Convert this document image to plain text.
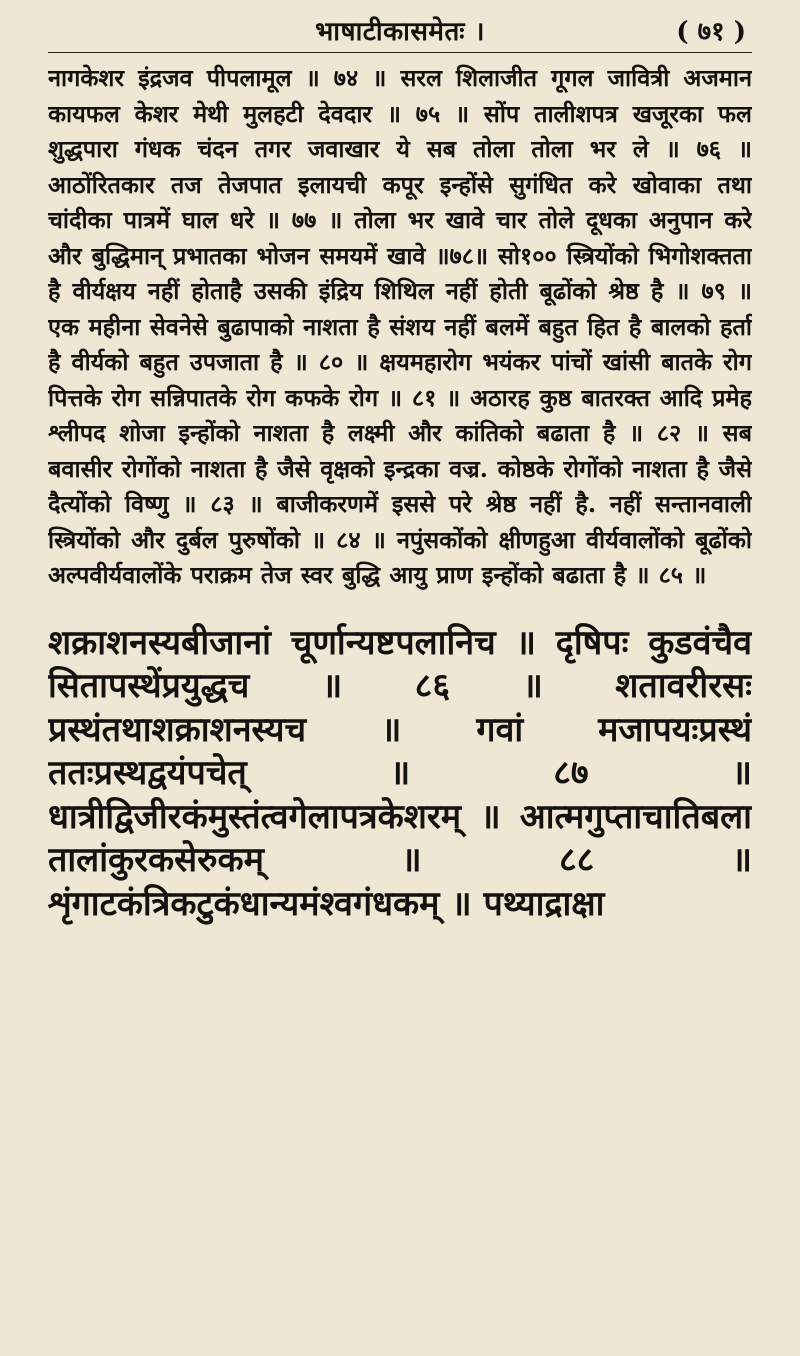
भाषाटीकासमेतः ।	( ७१ )

नागकेशर इंद्रजव पीपलामूल ॥ ७४ ॥ सरल शिलाजीत गूगल जावित्री अजमान कायफल केशर मेथी मुलहटी देवदार ॥ ७५ ॥ सोंप तालीशपत्र खजूरका फल शुद्धपारा गंधक चंदन तगर जवाखार ये सब तोला तोला भर ले ॥ ७६ ॥ आठोंरितकार तज तेजपात इलायची कपूर इन्होंसे सुगंधित करे खोवाका तथा चांदीका पात्रमें घाल धरे ॥ ७७ ॥ तोला भर खावे चार तोले दूधका अनुपान करे और बुद्धिमान् प्रभातका भोजन समयमें खावे ॥७८॥ सो१०० स्त्रियोंको भिगोशक्तता है वीर्यक्षय नहीं होताहै उसकी इंद्रिय शिथिल नहीं होती बूढोंको श्रेष्ठ है ॥ ७९ ॥ एक महीना सेवनेसे बुढापाको नाशता है संशय नहीं बलमें बहुत हित है बालको हर्ता है वीर्यको बहुत उपजाता है ॥ ८० ॥ क्षयमहारोग भयंकर पांचों खांसी बातके रोग पित्तके रोग सन्निपातके रोग कफके रोग ॥ ८१ ॥ अठारह कुष्ठ बातरक्त आदि प्रमेह श्लीपद शोजा इन्होंको नाशता है लक्ष्मी और कांतिको बढाता है ॥ ८२ ॥ सब बवासीर रोगोंको नाशता है जैसे वृक्षको इन्द्रका वज्र. कोष्ठके रोगोंको नाशता है जैसे दैत्योंको विष्णु ॥ ८३ ॥ बाजीकरणमें इससे परे श्रेष्ठ नहीं है. नहीं सन्तानवाली स्त्रियोंको और दुर्बल पुरुषोंको ॥ ८४ ॥ नपुंसकोंको क्षीणहुआ वीर्यवालोंको बूढोंको अल्पवीर्यवालोंके पराक्रम तेज स्वर बुद्धि आयु प्राण इन्होंको बढाता है ॥ ८५ ॥

शक्राशनस्यबीजानां चूर्णान्यष्टपलानिच ॥ दृषिपः कुडवंचैव सितापस्थेंप्रयुद्धच ॥ ८६ ॥ शतावरीरसः प्रस्थंतथाशक्राशनस्यच ॥ गवां मजापयःप्रस्थं ततःप्रस्थद्वयंपचेत् ॥ ८७ ॥ धात्रीद्विजीरकंमुस्तंत्वगेलापत्रकेशरम् ॥ आत्मगुप्ताचातिबला तालांकुरकसेरुकम् ॥ ८८ ॥ शृंगाटकंत्रिकटुकंधान्यमंश्वगंधकम् ॥ पथ्याद्राक्षा
